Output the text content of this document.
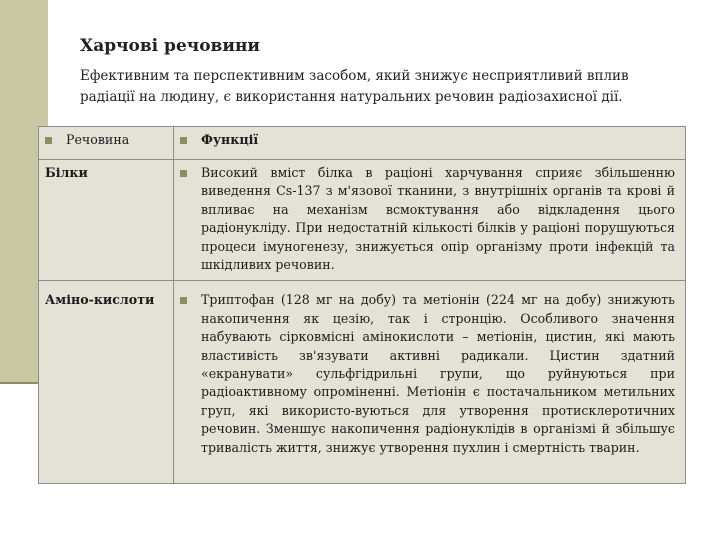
Харчові речовини
Ефективним та перспективним засобом, який знижує несприятливий вплив радіації на людину, є використання натуральних речовин радіозахисної дії.
Речовина	Функції

Білки	Високий вміст білка в раціоні харчування сприяє збільшенню виведення Cs-137 з м'язової тканини, з внутрішніх органів та крові й впливає на механізм всмоктування або відкладення цього радіонукліду. При недостатній кількості білків у раціоні порушуються процеси імуногенезу, знижується опір організму проти інфекцій та шкідливих речовин.

Аміно-кислоти	Триптофан (128 мг на добу) та метіонін (224 мг на добу) знижують накопичення як цезію, так і стронцію. Особливого значення набувають сірковмісні амінокислоти – метіонін, цистин, які мають властивість зв'язувати активні радикали. Цистин здатний «екранувати» сульфгідрильні групи, що руйнуються при радіоактивному опроміненні. Метіонін є постачальником метильних груп, які використо-вуються для утворення протисклеротичних речовин. Зменшує накопичення радіонуклідів в організмі й збільшує тривалість життя, знижує утворення пухлин і смертність тварин.
